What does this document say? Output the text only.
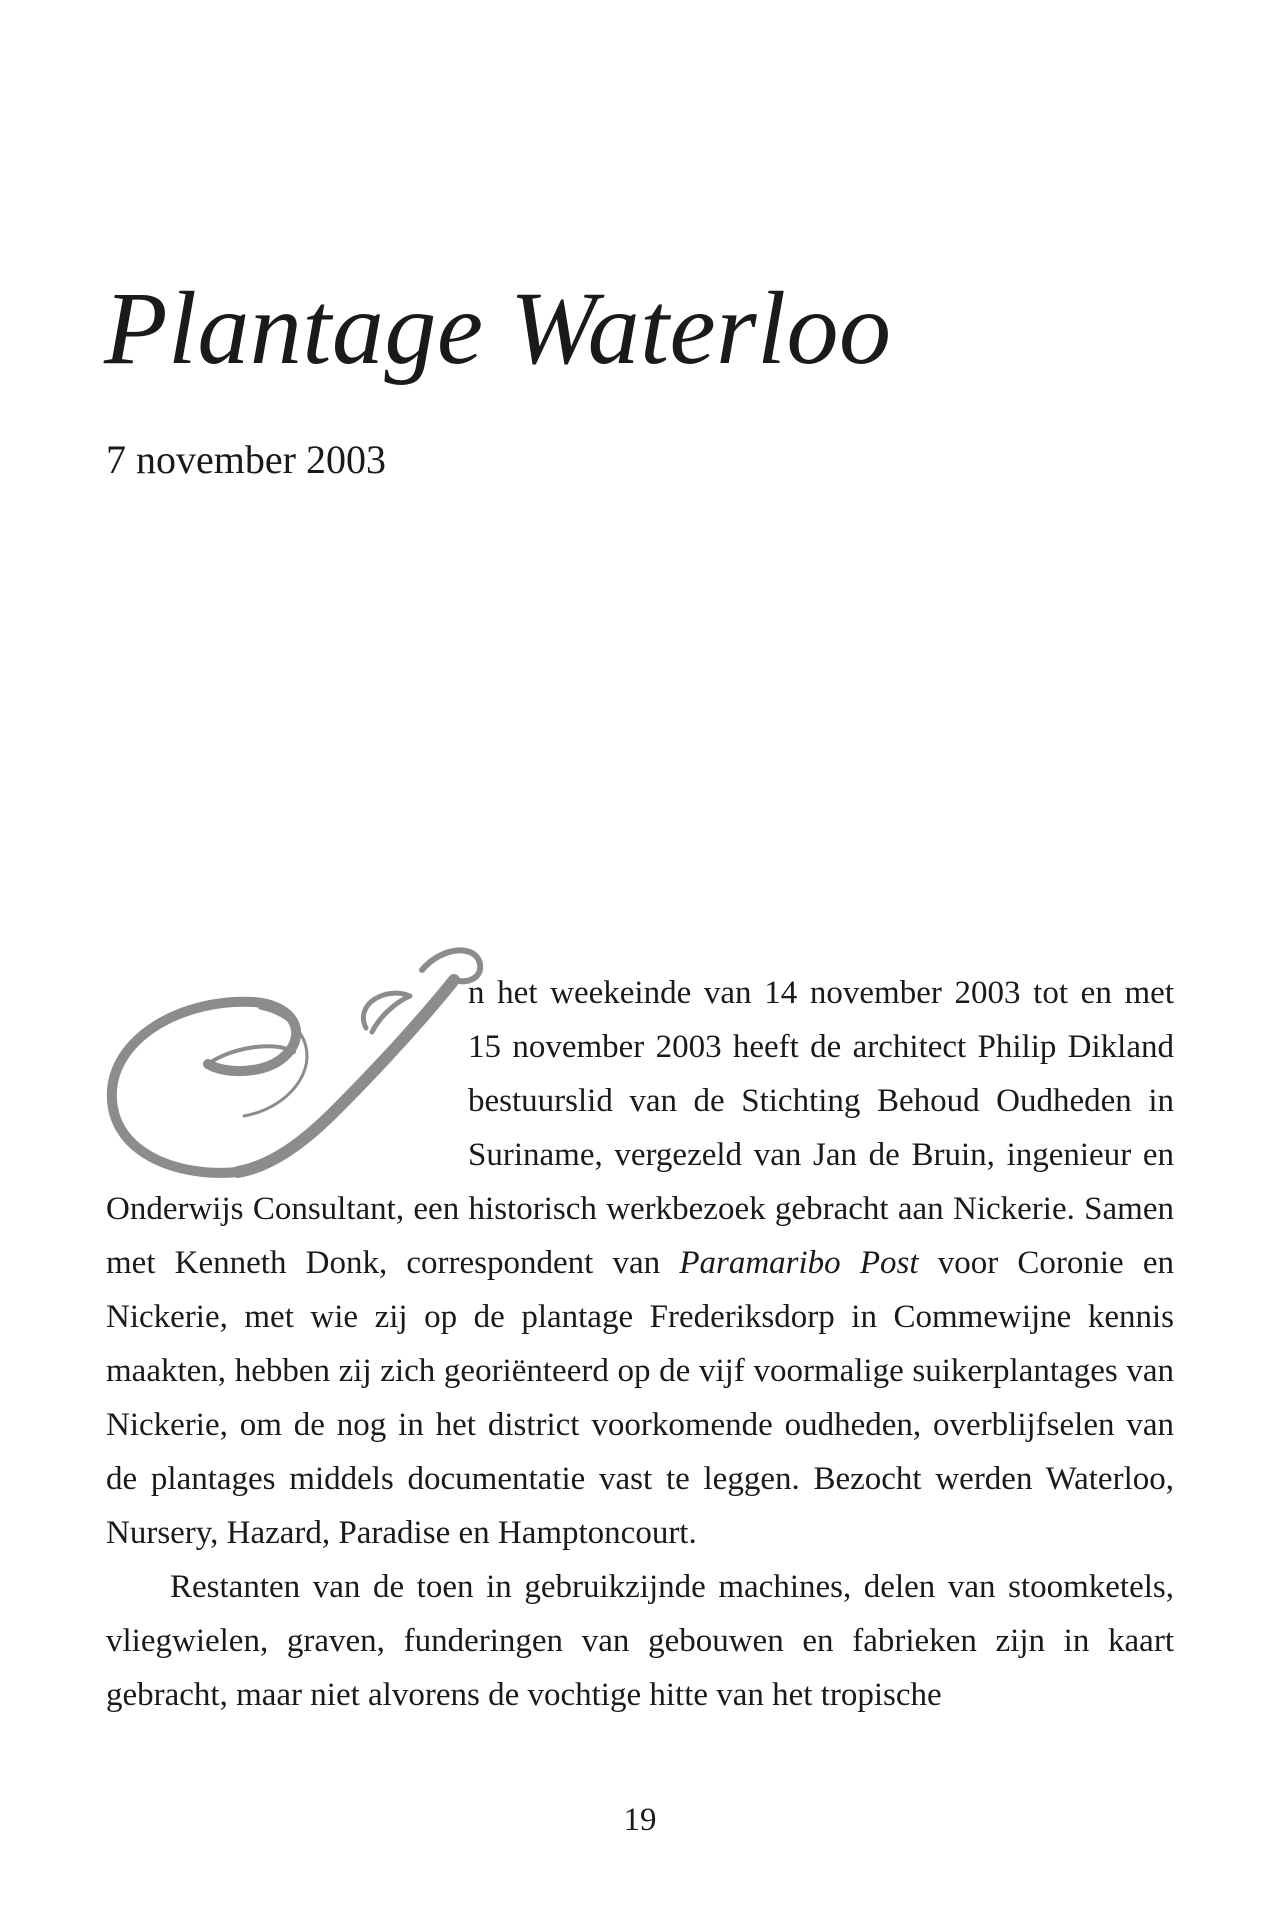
Plantage Waterloo
7 november 2003

n het weekeinde van 14 november 2003 tot en met 15 november 2003 heeft de architect Philip Dikland bestuurslid van de Stichting Behoud Oudheden in Suriname, vergezeld van Jan de Bruin, ingenieur en Onderwijs Consultant, een historisch werkbezoek gebracht aan Nickerie. Samen met Kenneth Donk, correspondent van Paramaribo Post voor Coronie en Nickerie, met wie zij op de plantage Frederiksdorp in Commewijne kennis maakten, hebben zij zich georiënteerd op de vijf voormalige suikerplantages van Nickerie, om de nog in het district voorkomende oudheden, overblijfselen van de plantages middels documentatie vast te leggen. Bezocht werden Waterloo, Nursery, Hazard, Paradise en Hamptoncourt.

Restanten van de toen in gebruikzijnde machines, delen van stoomketels, vliegwielen, graven, funderingen van gebouwen en fabrieken zijn in kaart gebracht, maar niet alvorens de vochtige hitte van het tropische

19
